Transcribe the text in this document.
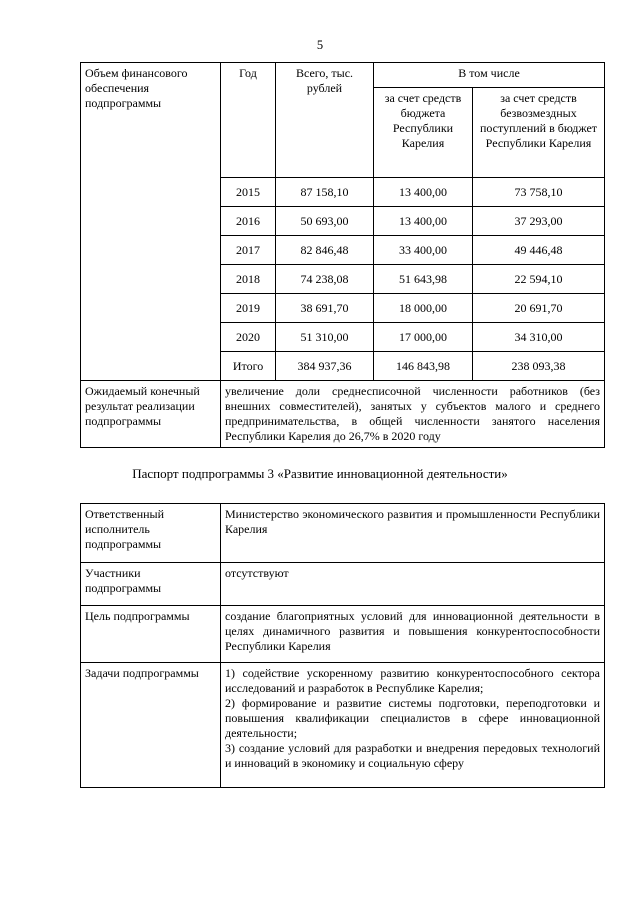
5
Объем финансового обеспечения подпрограммы	Год	Всего, тыс. рублей	В том числе	
			за счет средств бюджета Республики Карелия	за счет средств безвозмездных поступлений в бюджет Республики Карелия
	2015	87 158,10	13 400,00	73 758,10
	2016	50 693,00	13 400,00	37 293,00
	2017	82 846,48	33 400,00	49 446,48
	2018	74 238,08	51 643,98	22 594,10
	2019	38 691,70	18 000,00	20 691,70
	2020	51 310,00	17 000,00	34 310,00
	Итого	384 937,36	146 843,98	238 093,38
Ожидаемый конечный результат реализации подпрограммы	увеличение доли среднесписочной численности работников (без внешних совместителей), занятых у субъектов малого и среднего предпринимательства, в общей численности занятого населения Республики Карелия до 26,7% в 2020 году			
Паспорт подпрограммы 3 «Развитие инновационной деятельности»
Ответственный исполнитель подпрограммы	Министерство экономического развития и промышленности Республики Карелия
Участники подпрограммы	отсутствуют
Цель подпрограммы	создание благоприятных условий для инновационной деятельности в целях динамичного развития и повышения конкурентоспособности Республики Карелия
Задачи подпрограммы	1) содействие ускоренному развитию конкурентоспособного сектора исследований и разработок в Республике Карелия;
2) формирование и развитие системы подготовки, переподготовки и повышения квалификации специалистов в сфере инновационной деятельности;
3) создание условий для разработки и внедрения передовых технологий и инноваций в экономику и социальную сферу
